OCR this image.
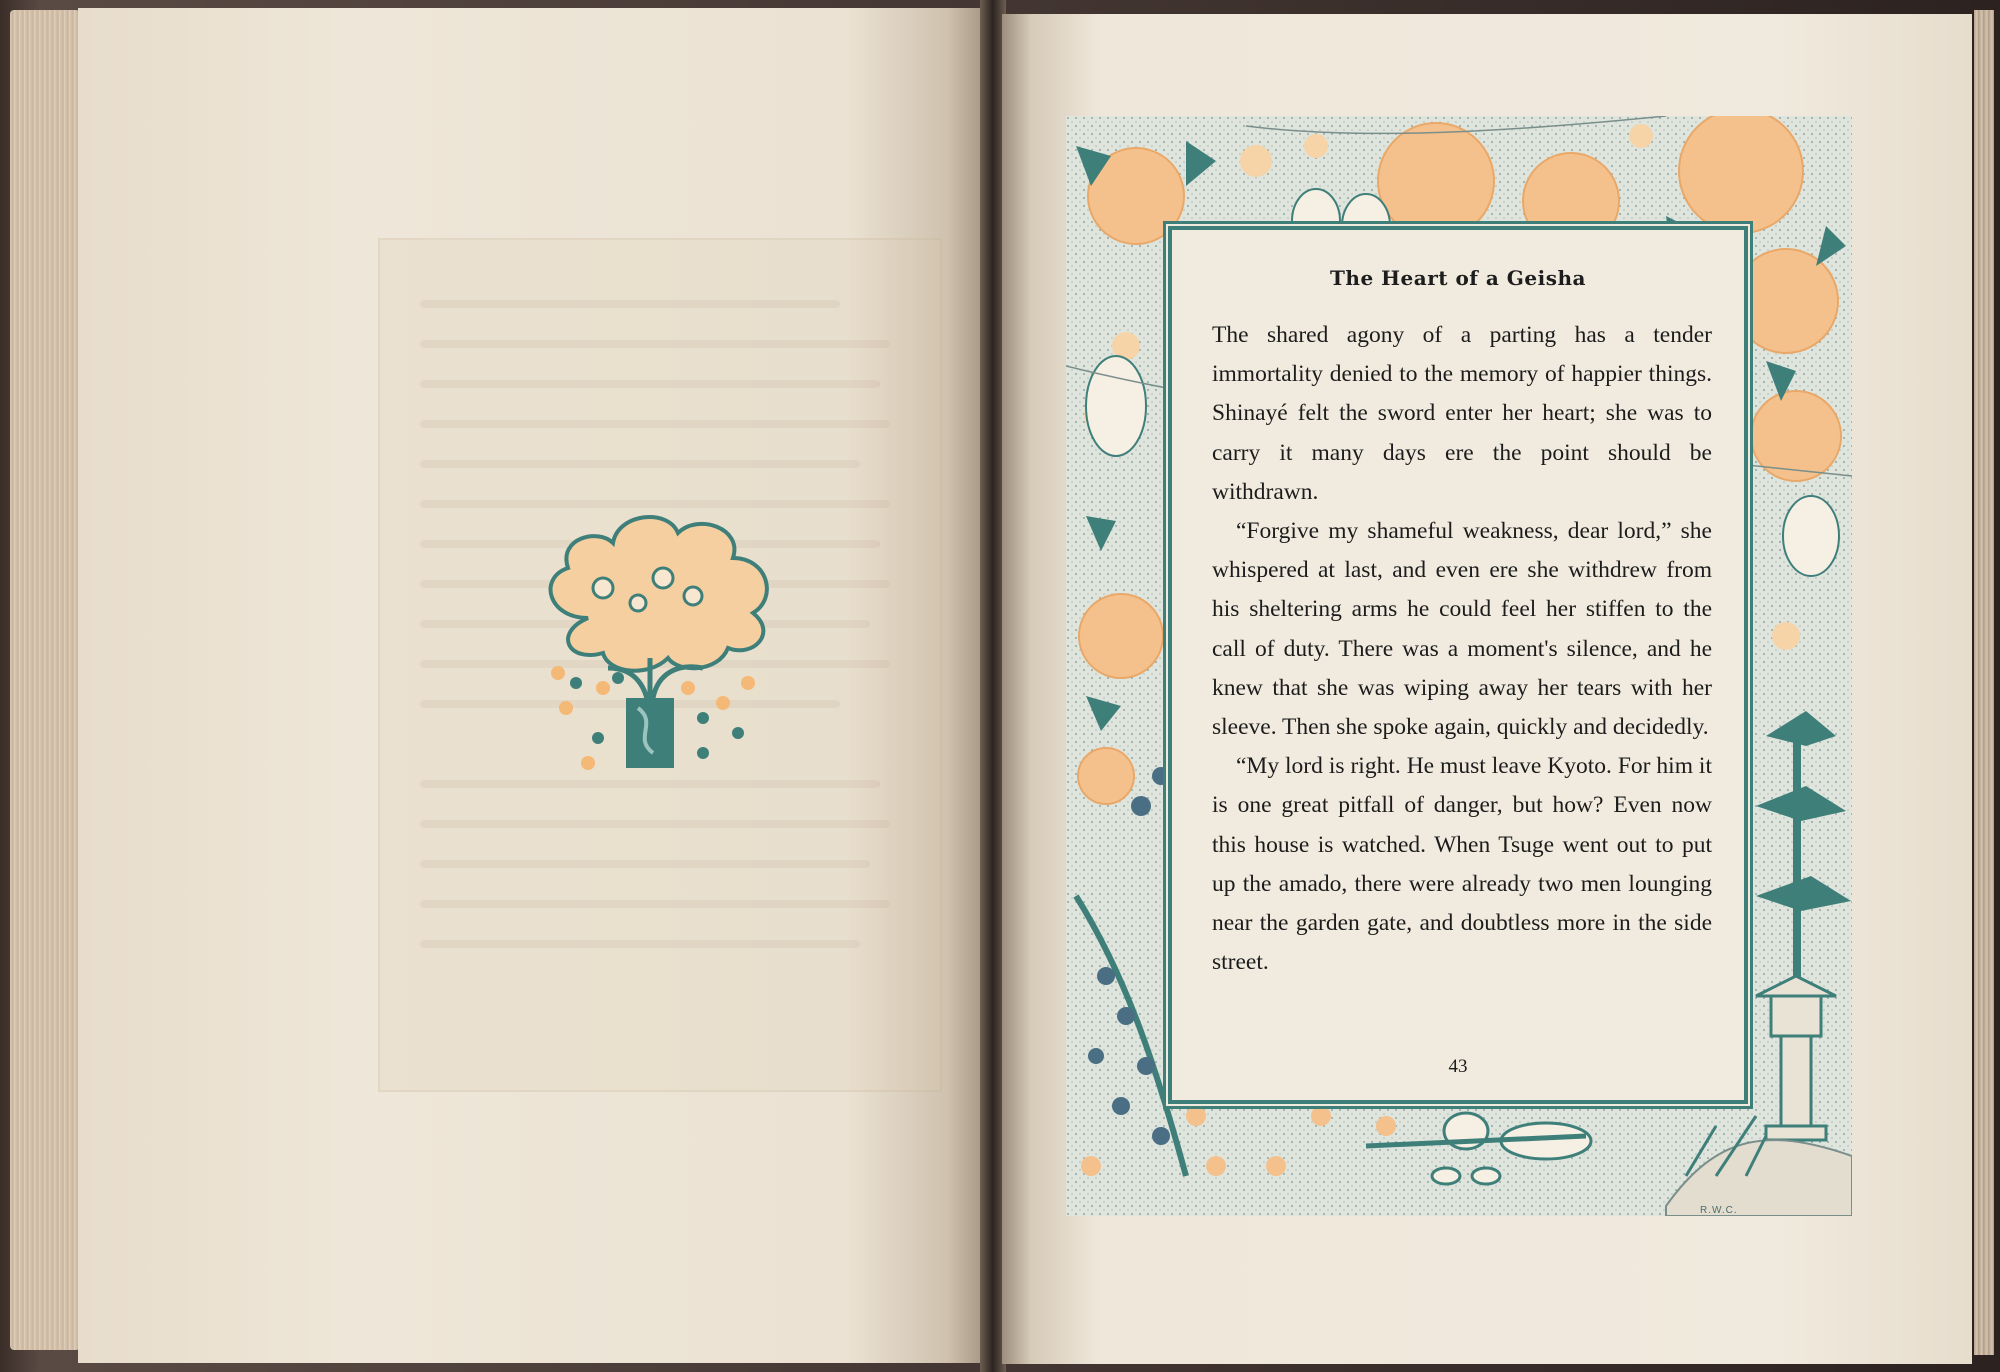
The Heart of a Geisha

The shared agony of a parting has a tender immortality denied to the memory of happier things. Shinayé felt the sword enter her heart; she was to carry it many days ere the point should be withdrawn.

“Forgive my shameful weakness, dear lord,” she whispered at last, and even ere she withdrew from his sheltering arms he could feel her stiffen to the call of duty. There was a moment's silence, and he knew that she was wiping away her tears with her sleeve. Then she spoke again, quickly and decidedly.

“My lord is right. He must leave Kyoto. For him it is one great pitfall of danger, but how? Even now this house is watched. When Tsuge went out to put up the amado, there were already two men lounging near the garden gate, and doubtless more in the side street.

43
R.W.C.
